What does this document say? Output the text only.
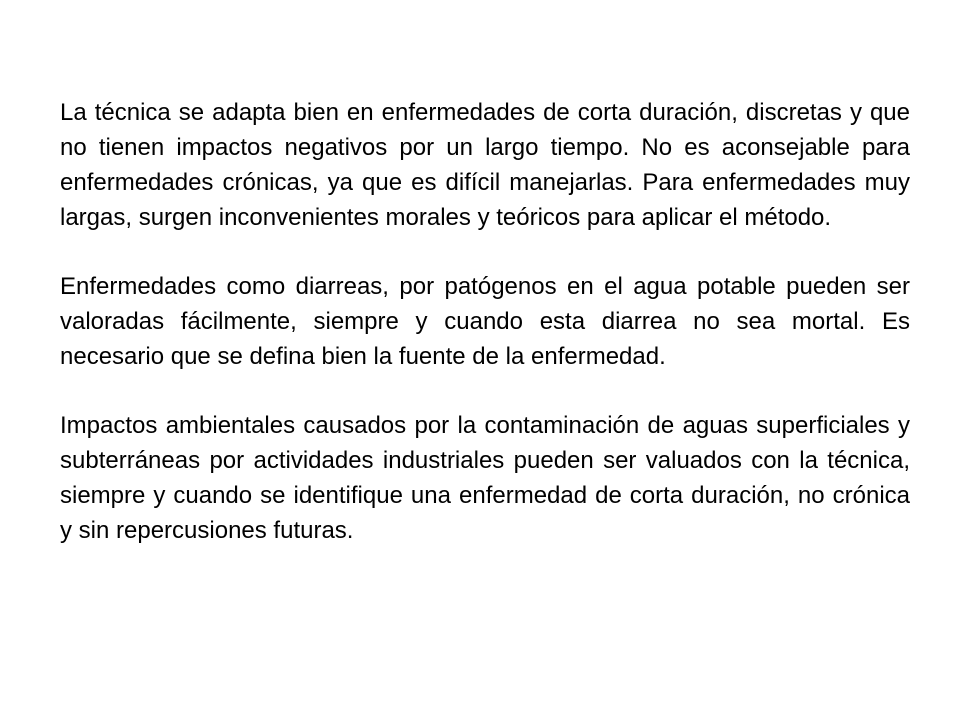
La técnica se adapta bien en enfermedades de corta duración, discretas y que no tienen impactos negativos por un largo tiempo. No es aconsejable para enfermedades crónicas, ya que es difícil manejarlas. Para enfermedades muy largas, surgen inconvenientes morales y teóricos para aplicar el método.

Enfermedades como diarreas, por patógenos en el agua potable pueden ser valoradas fácilmente, siempre y cuando esta diarrea no sea mortal. Es necesario que se defina bien la fuente de la enfermedad.

Impactos ambientales causados por la contaminación de aguas superficiales y subterráneas por actividades industriales pueden ser valuados con la técnica, siempre y cuando se identifique una enfermedad de corta duración, no crónica y sin repercusiones futuras.
